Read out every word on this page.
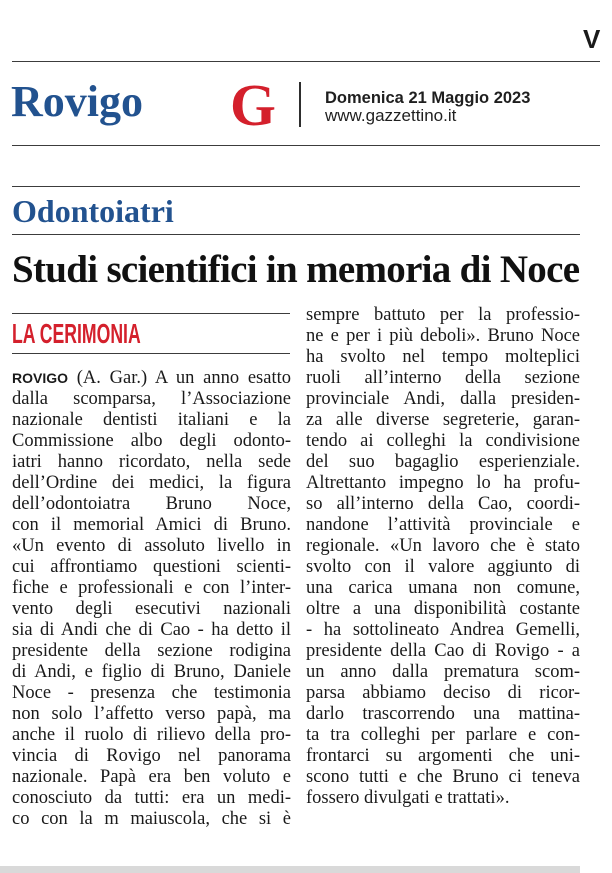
V
Rovigo G	Domenica 21 Maggio 2023
www.gazzettino.it
Odontoiatri
Studi scientifici in memoria di Noce
LA CERIMONIA
ROVIGO (A. Gar.) A un anno esatto
dalla scomparsa, l’Associazione
nazionale dentisti italiani e la
Commissione albo degli odonto-
iatri hanno ricordato, nella sede
dell’Ordine dei medici, la figura
dell’odontoiatra Bruno Noce,
con il memorial Amici di Bruno.
«Un evento di assoluto livello in
cui affrontiamo questioni scienti-
fiche e professionali e con l’inter-
vento degli esecutivi nazionali
sia di Andi che di Cao - ha detto il
presidente della sezione rodigina
di Andi, e figlio di Bruno, Daniele
Noce - presenza che testimonia
non solo l’affetto verso papà, ma
anche il ruolo di rilievo della pro-
vincia di Rovigo nel panorama
nazionale. Papà era ben voluto e
conosciuto da tutti: era un medi-
co con la m maiuscola, che si è
sempre battuto per la professio-
ne e per i più deboli». Bruno Noce
ha svolto nel tempo molteplici
ruoli all’interno della sezione
provinciale Andi, dalla presiden-
za alle diverse segreterie, garan-
tendo ai colleghi la condivisione
del suo bagaglio esperienziale.
Altrettanto impegno lo ha profu-
so all’interno della Cao, coordi-
nandone l’attività provinciale e
regionale. «Un lavoro che è stato
svolto con il valore aggiunto di
una carica umana non comune,
oltre a una disponibilità costante
- ha sottolineato Andrea Gemelli,
presidente della Cao di Rovigo - a
un anno dalla prematura scom-
parsa abbiamo deciso di ricor-
darlo trascorrendo una mattina-
ta tra colleghi per parlare e con-
frontarci su argomenti che uni-
scono tutti e che Bruno ci teneva
fossero divulgati e trattati».
